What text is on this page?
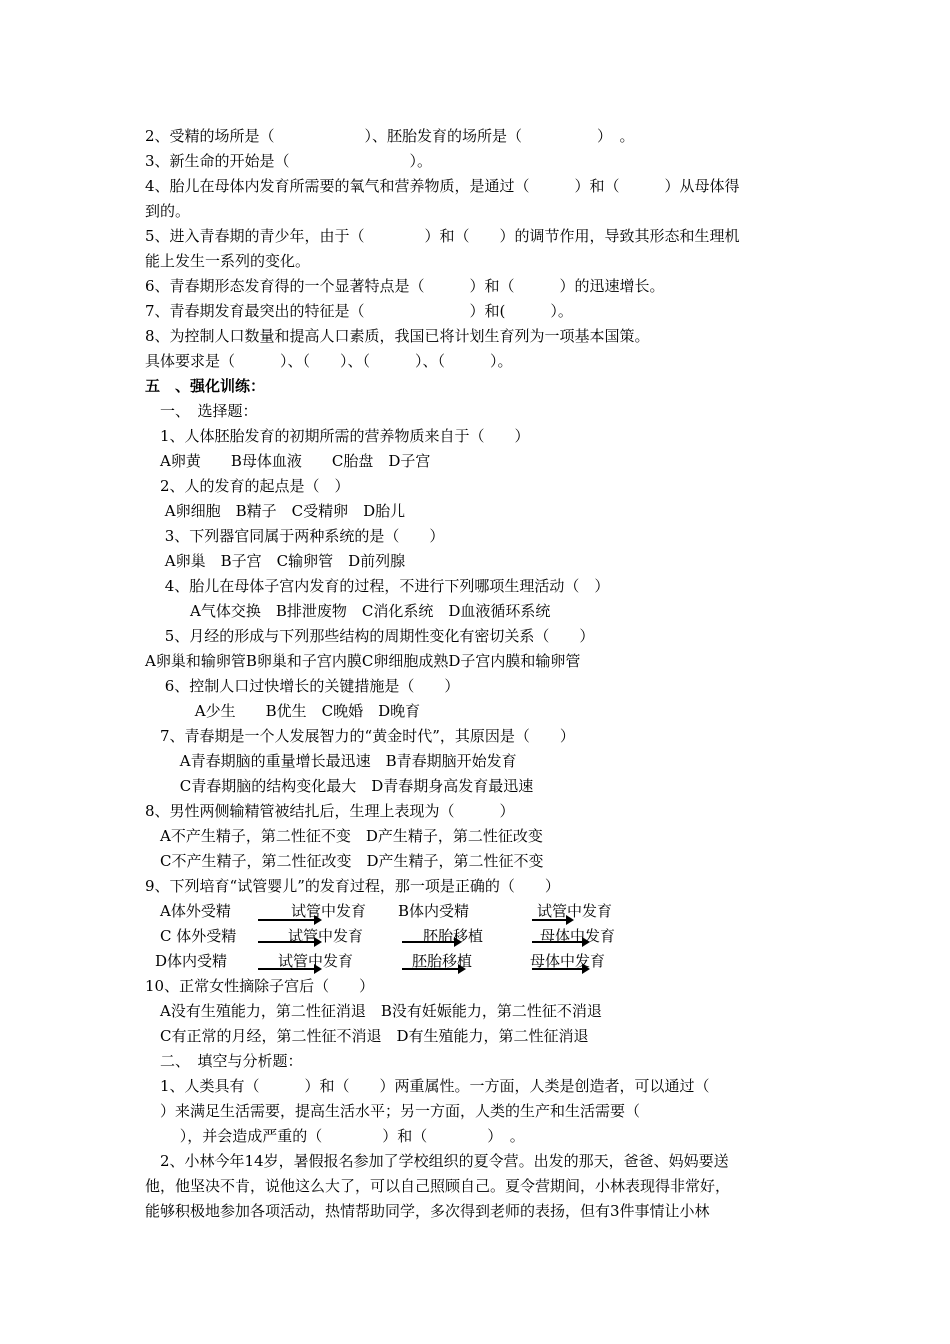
2、受精的场所是（　　　　　　）、胚胎发育的场所是（　　　　　）　。
3、新生命的开始是（　　　　　　　　）。
4、胎儿在母体内发育所需要的氧气和营养物质，是通过（　　　）和（　　　）从母体得
到的。
5、进入青春期的青少年，由于（　　　　）和（　　）的调节作用，导致其形态和生理机
能上发生一系列的变化。
6、青春期形态发育得的一个显著特点是（　　　）和（　　　）的迅速增长。
7、青春期发育最突出的特征是（　　　　　　　）和(　　　）。
8、为控制人口数量和提高人口素质，我国已将计划生育列为一项基本国策。
具体要求是（　　　）、（　　）、（　　　）、（　　　）。
五　、强化训练：
　一、　选择题：
　1、人体胚胎发育的初期所需的营养物质来自于（　　）
　A卵黄　　B母体血液　　C胎盘　D子宫
　2、人的发育的起点是（　）
　 A卵细胞　B精子　C受精卵　D胎儿
　 3、下列器官同属于两种系统的是（　　）
　 A卵巢　B子宫　C输卵管　D前列腺
　 4、胎儿在母体子宫内发育的过程，不进行下列哪项生理活动（　）
　　　A气体交换　B排泄废物　C消化系统　D血液循环系统
　 5、月经的形成与下列那些结构的周期性变化有密切关系（　　）
A卵巢和输卵管B卵巢和子宫内膜C卵细胞成熟D子宫内膜和输卵管
　 6、控制人口过快增长的关键措施是（　　）
　　　 A少生　　B优生　C晚婚　D晚育
　7、青春期是一个人发展智力的“黄金时代”，其原因是（　　）
　　 A青春期脑的重量增长最迅速　B青春期脑开始发育
　　 C青春期脑的结构变化最大　D青春期身高发育最迅速
8、男性两侧输精管被结扎后，生理上表现为（　　　）
　A不产生精子，第二性征不变　D产生精子，第二性征改变
　C不产生精子，第二性征改变　D产生精子，第二性征不变
9、下列培育“试管婴儿”的发育过程，那一项是正确的（　　）
A体外受精	试管中发育 B体内受精	试管中发育
C 体外受精	试管中发育	胚胎移植	母体中发育
D体内受精	试管中发育	胚胎移植	母体中发育
10、正常女性摘除子宫后（　　）
　A没有生殖能力，第二性征消退　B没有妊娠能力，第二性征不消退
　C有正常的月经，第二性征不消退　D有生殖能力，第二性征消退
　二、　填空与分析题：
　1、人类具有（　　　）和（　　）两重属性。一方面，人类是创造者，可以通过（
　）来满足生活需要，提高生活水平；另一方面，人类的生产和生活需要（
　　 ），并会造成严重的（　　　　）和（　　　　）　。
　2、小林今年14岁，暑假报名参加了学校组织的夏令营。出发的那天，爸爸、妈妈要送
他，他坚决不肯，说他这么大了，可以自己照顾自己。夏令营期间，小林表现得非常好，
能够积极地参加各项活动，热情帮助同学，多次得到老师的表扬，但有3件事情让小林
